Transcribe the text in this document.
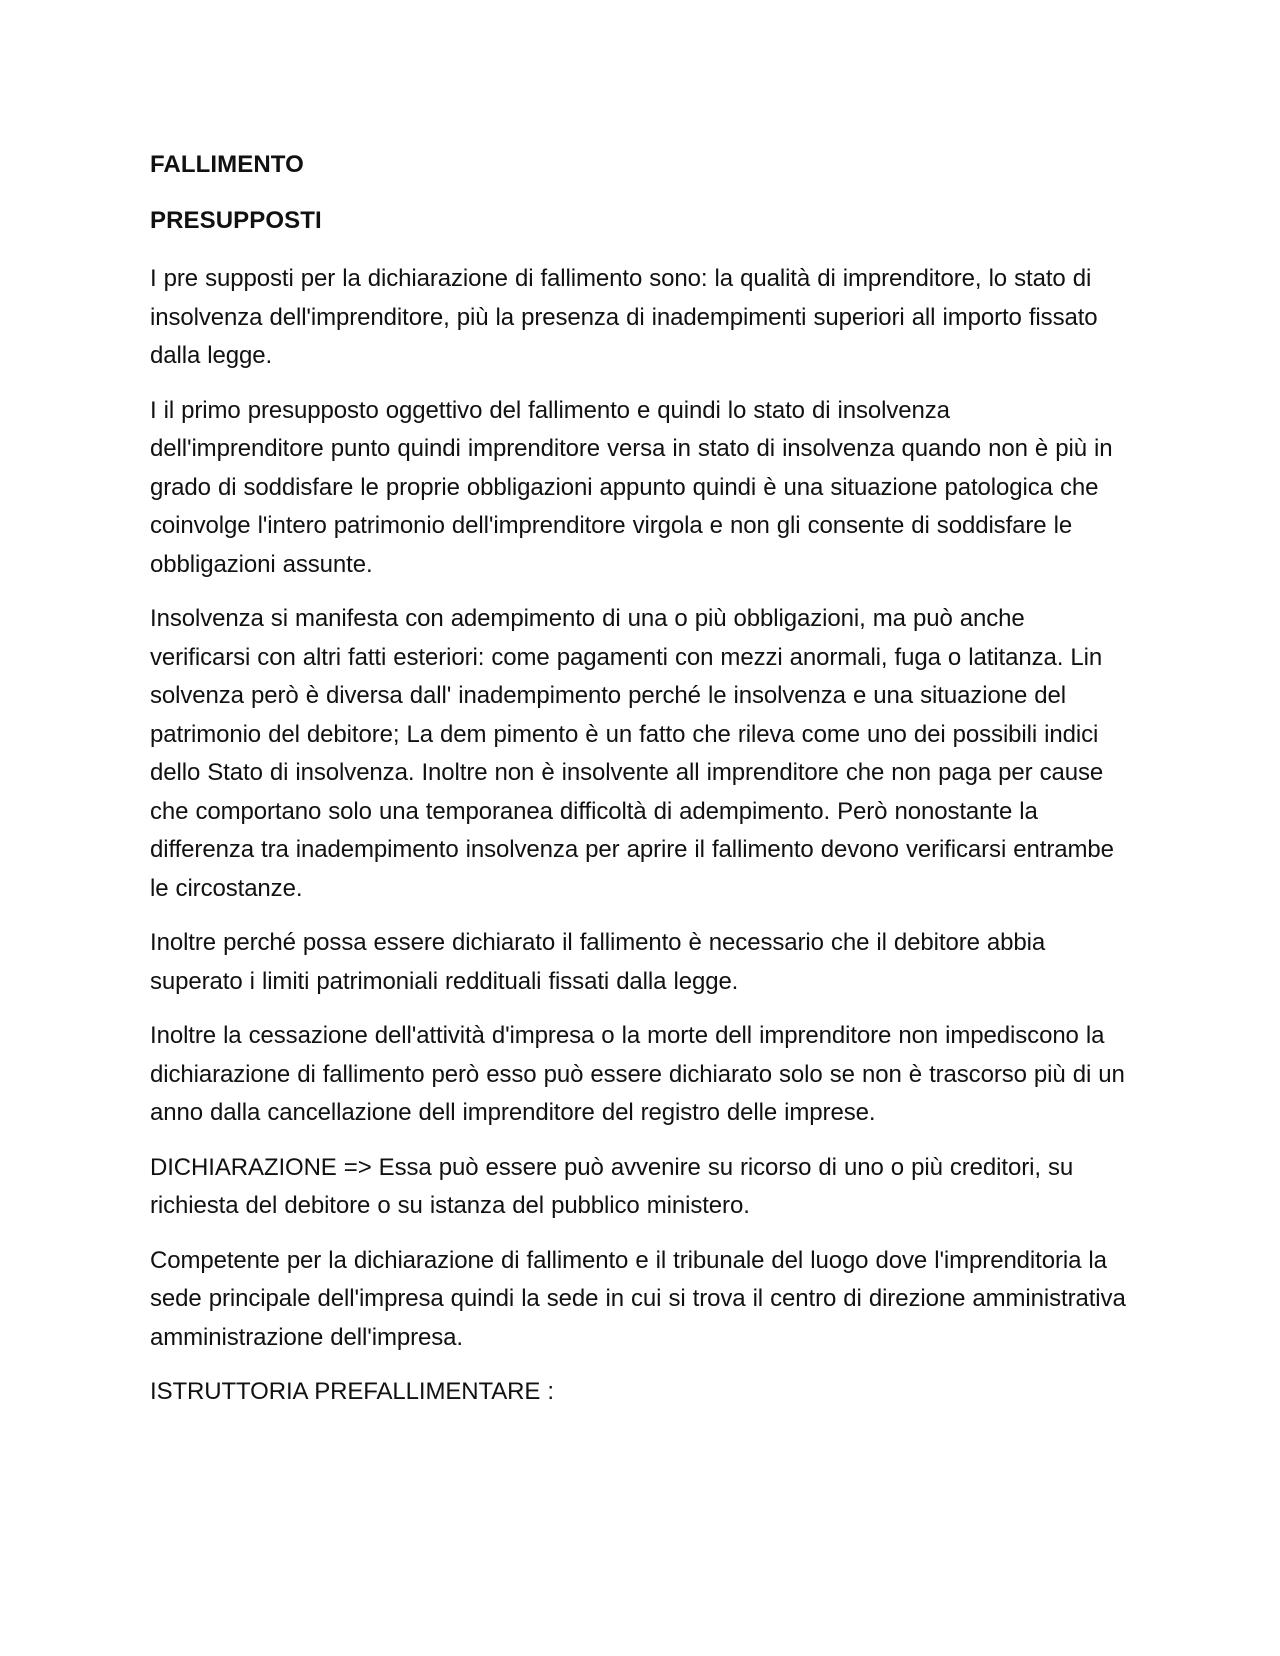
FALLIMENTO
PRESUPPOSTI

I pre supposti per la dichiarazione di fallimento sono: la qualità di imprenditore, lo stato di insolvenza dell'imprenditore, più la presenza di inadempimenti superiori all importo fissato dalla legge.

I il primo presupposto oggettivo del fallimento e quindi lo stato di insolvenza dell'imprenditore punto quindi imprenditore versa in stato di insolvenza quando non è più in grado di soddisfare le proprie obbligazioni appunto quindi è una situazione patologica che coinvolge l'intero patrimonio dell'imprenditore virgola e non gli consente di soddisfare le obbligazioni assunte.

Insolvenza si manifesta con adempimento di una o più obbligazioni, ma può anche verificarsi con altri fatti esteriori: come pagamenti con mezzi anormali, fuga o latitanza. Lin solvenza però è diversa dall' inadempimento perché le insolvenza e una situazione del patrimonio del debitore; La dem pimento è un fatto che rileva come uno dei possibili indici dello Stato di insolvenza. Inoltre non è insolvente all imprenditore che non paga per cause che comportano solo una temporanea difficoltà di adempimento. Però nonostante la differenza tra inadempimento insolvenza per aprire il fallimento devono verificarsi entrambe le circostanze.

Inoltre perché possa essere dichiarato il fallimento è necessario che il debitore abbia superato i limiti patrimoniali reddituali fissati dalla legge.

Inoltre la cessazione dell'attività d'impresa o la morte dell imprenditore non impediscono la dichiarazione di fallimento però esso può essere dichiarato solo se non è trascorso più di un anno dalla cancellazione dell imprenditore del registro delle imprese.

DICHIARAZIONE => Essa può essere può avvenire su ricorso di uno o più creditori, su richiesta del debitore o su istanza del pubblico ministero.

Competente per la dichiarazione di fallimento e il tribunale del luogo dove l'imprenditoria la sede principale dell'impresa quindi la sede in cui si trova il centro di direzione amministrativa amministrazione dell'impresa.

ISTRUTTORIA PREFALLIMENTARE :
